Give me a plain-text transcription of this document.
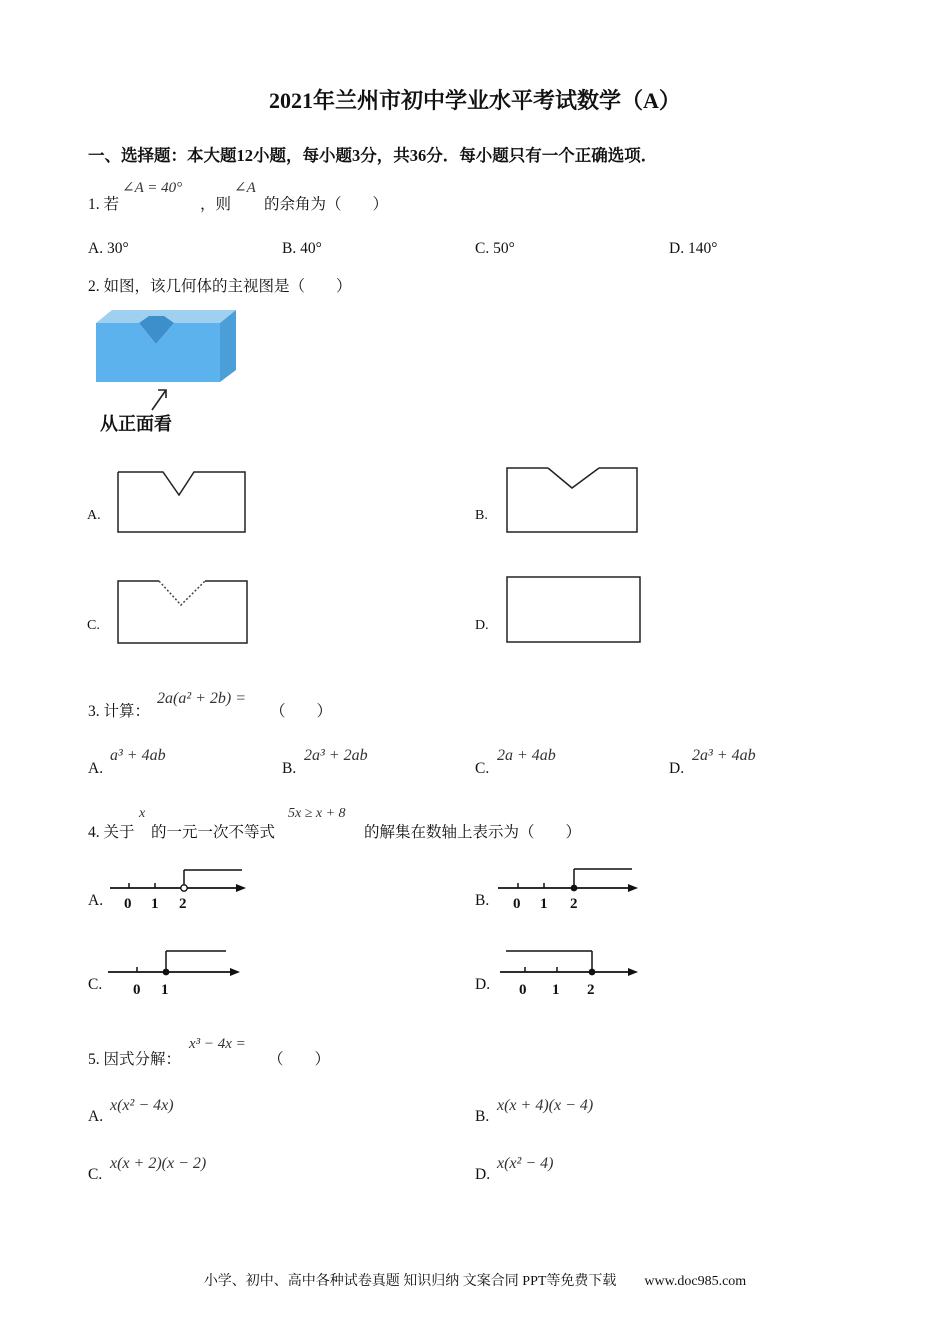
2021年兰州市初中学业水平考试数学（A）
一、选择题：本大题12小题，每小题3分，共36分．每小题只有一个正确选项．
1. 若
∠A = 40°
，则
∠A
的余角为（　　）
A. 30°	B. 40°	C. 50°	D. 140°
2. 如图，该几何体的主视图是（　　）
从正面看
A.	B.
C.	D.
3. 计算：
2a(a² + 2b) =
（　　）
A.
a³ + 4ab
B.
2a³ + 2ab
C.
2a + 4ab
D.
2a³ + 4ab
4. 关于
x
的一元一次不等式
5x ≥ x + 8
的解集在数轴上表示为（　　）
A. 0 1 2	B. 0 1 2
C. 0 1	D. 0 1 2
5. 因式分解：
x³ − 4x =
（　　）
A.
x(x² − 4x)
B.
x(x + 4)(x − 4)
C.
x(x + 2)(x − 2)
D.
x(x² − 4)
小学、初中、高中各种试卷真题 知识归纳 文案合同 PPT等免费下载　　www.doc985.com
